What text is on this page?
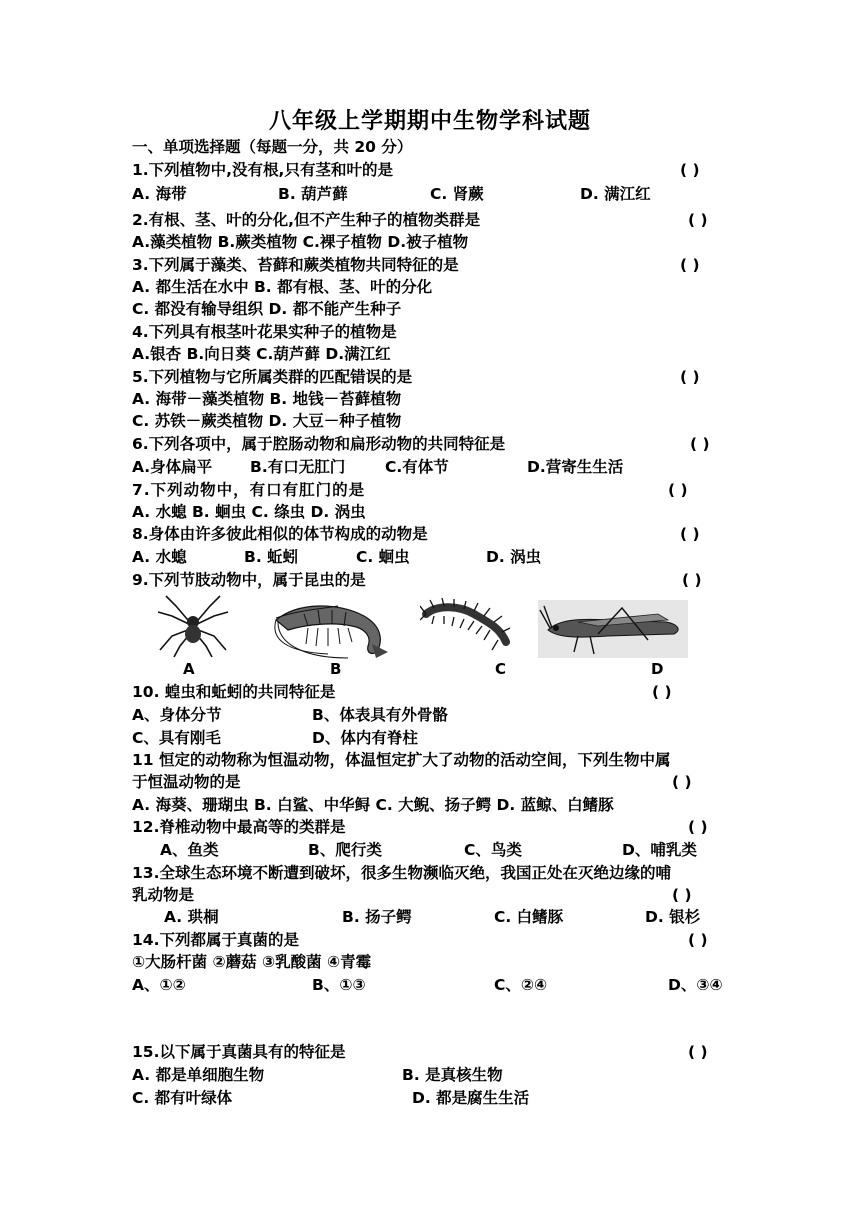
八年级上学期期中生物学科试题
一、单项选择题（每题一分，共 20 分）
1.下列植物中,没有根,只有茎和叶的是	( )
A. 海带	B. 葫芦藓	C. 肾蕨	D. 满江红
2.有根、茎、叶的分化,但不产生种子的植物类群是	( )
A.藻类植物 B.蕨类植物 C.裸子植物 D.被子植物
3.下列属于藻类、苔藓和蕨类植物共同特征的是	( )
A. 都生活在水中 B. 都有根、茎、叶的分化
C. 都没有输导组织 D. 都不能产生种子
4.下列具有根茎叶花果实种子的植物是
A.银杏 B.向日葵 C.葫芦藓 D.满江红
5.下列植物与它所属类群的匹配错误的是	( )
A. 海带－藻类植物 B. 地钱－苔藓植物
C. 苏铁－蕨类植物 D. 大豆－种子植物
6.下列各项中，属于腔肠动物和扁形动物的共同特征是	( )
A.身体扁平 B.有口无肛门	C.有体节	D.营寄生生活
7.下列动物中，有口有肛门的是	( )
A. 水螅 B. 蛔虫 C. 绦虫 D. 涡虫
8.身体由许多彼此相似的体节构成的动物是	( )
A. 水螅	B. 蚯蚓	C. 蛔虫	D. 涡虫
9.下列节肢动物中，属于昆虫的是	( )
A	B	C	D
10. 蝗虫和蚯蚓的共同特征是	( )
A、身体分节	B、体表具有外骨骼
C、具有刚毛	D、体内有脊柱
11 恒定的动物称为恒温动物，体温恒定扩大了动物的活动空间，下列生物中属
于恒温动物的是	( )
A. 海葵、珊瑚虫 B. 白鲨、中华鲟 C. 大鲵、扬子鳄 D. 蓝鲸、白鳍豚
12.脊椎动物中最高等的类群是	( )
A、鱼类	B、爬行类	C、鸟类	D、哺乳类
13.全球生态环境不断遭到破坏，很多生物濒临灭绝，我国正处在灭绝边缘的哺
乳动物是	( )
A. 珙桐	B. 扬子鳄	C. 白鳍豚	D. 银杉
14.下列都属于真菌的是	( )
①大肠杆菌 ②蘑菇 ③乳酸菌 ④青霉
A、①②	B、①③	C、②④	D、③④
15.以下属于真菌具有的特征是	( )
A. 都是单细胞生物	B. 是真核生物
C. 都有叶绿体	D. 都是腐生生活
